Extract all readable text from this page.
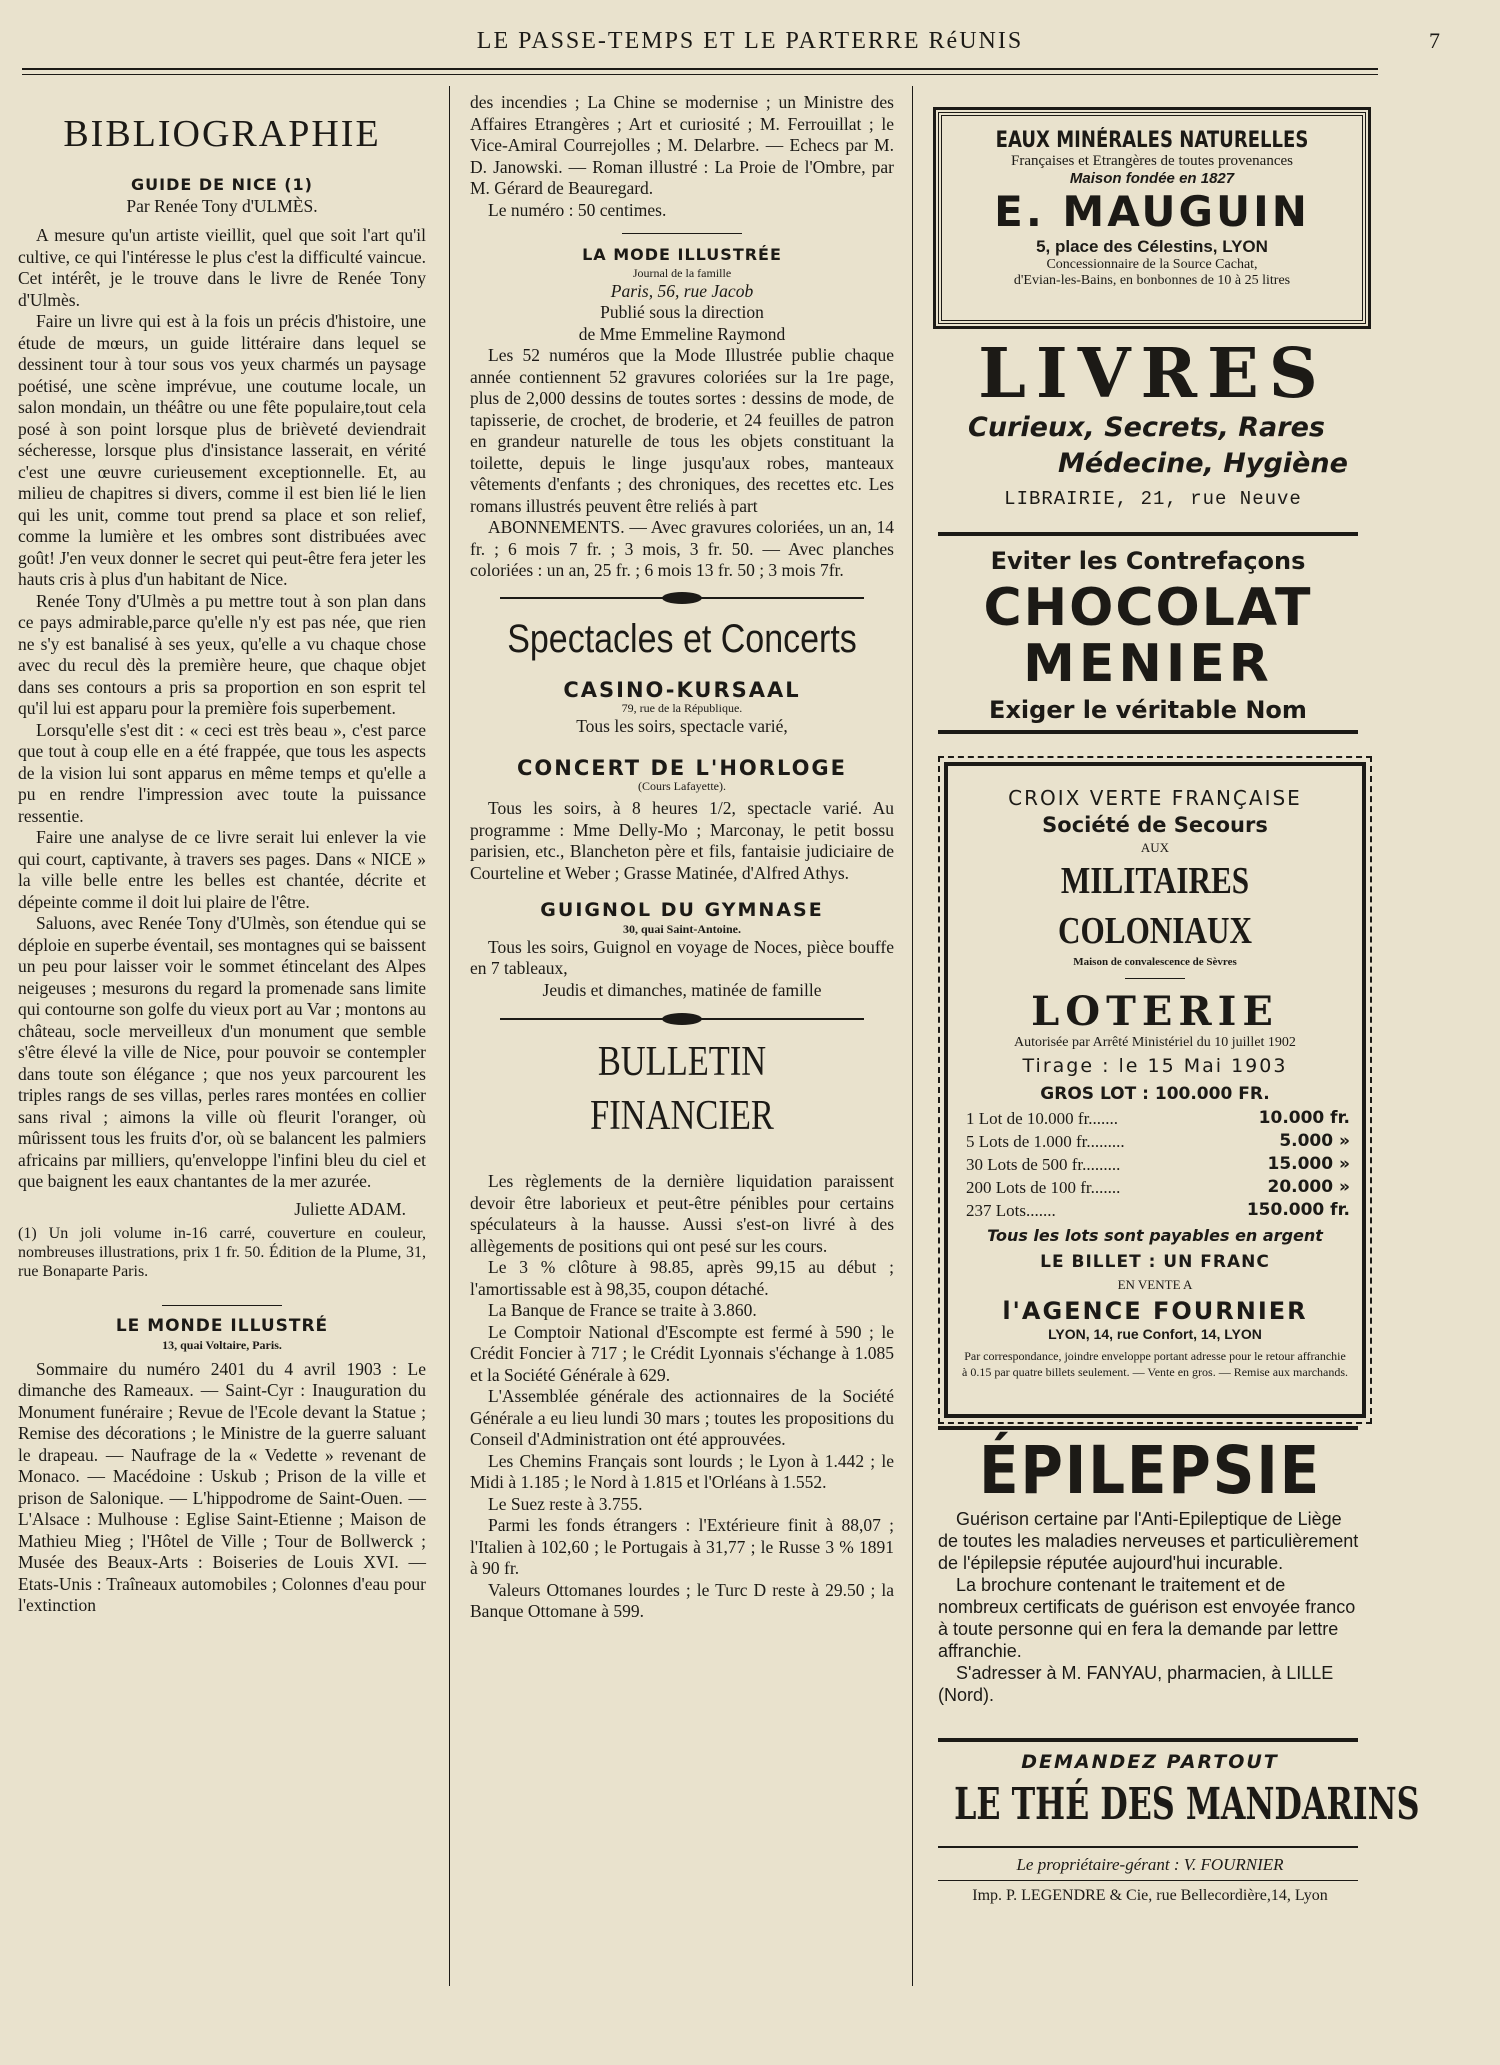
LE PASSE-TEMPS ET LE PARTERRE RéUNIS	7
BIBLIOGRAPHIE
GUIDE DE NICE (1)
Par Renée Tony d'ULMÈS.

A mesure qu'un artiste vieillit, quel que soit l'art qu'il cultive, ce qui l'intéresse le plus c'est la difficulté vaincue. Cet intérêt, je le trouve dans le livre de Renée Tony d'Ulmès.

Faire un livre qui est à la fois un précis d'histoire, une étude de mœurs, un guide littéraire dans lequel se dessinent tour à tour sous vos yeux charmés un paysage poétisé, une scène imprévue, une coutume locale, un salon mondain, un théâtre ou une fête populaire,tout cela posé à son point lorsque plus de brièveté deviendrait sécheresse, lorsque plus d'insistance lasserait, en vérité c'est une œuvre curieusement exceptionnelle. Et, au milieu de chapitres si divers, comme il est bien lié le lien qui les unit, comme tout prend sa place et son relief, comme la lumière et les ombres sont distribuées avec goût! J'en veux donner le secret qui peut-être fera jeter les hauts cris à plus d'un habitant de Nice.

Renée Tony d'Ulmès a pu mettre tout à son plan dans ce pays admirable,parce qu'elle n'y est pas née, que rien ne s'y est banalisé à ses yeux, qu'elle a vu chaque chose avec du recul dès la première heure, que chaque objet dans ses contours a pris sa proportion en son esprit tel qu'il lui est apparu pour la première fois superbement.

Lorsqu'elle s'est dit : « ceci est très beau », c'est parce que tout à coup elle en a été frappée, que tous les aspects de la vision lui sont apparus en même temps et qu'elle a pu en rendre l'impression avec toute la puissance ressentie.

Faire une analyse de ce livre serait lui enlever la vie qui court, captivante, à travers ses pages. Dans « NICE » la ville belle entre les belles est chantée, décrite et dépeinte comme il doit lui plaire de l'être.

Saluons, avec Renée Tony d'Ulmès, son étendue qui se déploie en superbe éventail, ses montagnes qui se baissent un peu pour laisser voir le sommet étincelant des Alpes neigeuses ; mesurons du regard la promenade sans limite qui contourne son golfe du vieux port au Var ; montons au château, socle merveilleux d'un monument que semble s'être élevé la ville de Nice, pour pouvoir se contempler dans toute son élégance ; que nos yeux parcourent les triples rangs de ses villas, perles rares montées en collier sans rival ; aimons la ville où fleurit l'oranger, où mûrissent tous les fruits d'or, où se balancent les palmiers africains par milliers, qu'enveloppe l'infini bleu du ciel et que baignent les eaux chantantes de la mer azurée.

Juliette ADAM.
(1) Un joli volume in-16 carré, couverture en couleur, nombreuses illustrations, prix 1 fr. 50. Édition de la Plume, 31, rue Bonaparte Paris.
LE MONDE ILLUSTRÉ
13, quai Voltaire, Paris.

Sommaire du numéro 2401 du 4 avril 1903 : Le dimanche des Rameaux. — Saint-Cyr : Inauguration du Monument funéraire ; Revue de l'Ecole devant la Statue ; Remise des décorations ; le Ministre de la guerre saluant le drapeau. — Naufrage de la « Vedette » revenant de Monaco. — Macédoine : Uskub ; Prison de la ville et prison de Salonique. — L'hippodrome de Saint-Ouen. — L'Alsace : Mulhouse : Eglise Saint-Etienne ; Maison de Mathieu Mieg ; l'Hôtel de Ville ; Tour de Bollwerck ; Musée des Beaux-Arts : Boiseries de Louis XVI. — Etats-Unis : Traîneaux automobiles ; Colonnes d'eau pour l'extinction

des incendies ; La Chine se modernise ; un Ministre des Affaires Etrangères ; Art et curiosité ; M. Ferrouillat ; le Vice-Amiral Courrejolles ; M. Delarbre. — Echecs par M. D. Janowski. — Roman illustré : La Proie de l'Ombre, par M. Gérard de Beauregard.

Le numéro : 50 centimes.

LA MODE ILLUSTRÉE
Journal de la famille
Paris, 56, rue Jacob
Publié sous la direction
de Mme Emmeline Raymond

Les 52 numéros que la Mode Illustrée publie chaque année contiennent 52 gravures coloriées sur la 1re page, plus de 2,000 dessins de toutes sortes : dessins de mode, de tapisserie, de crochet, de broderie, et 24 feuilles de patron en grandeur naturelle de tous les objets constituant la toilette, depuis le linge jusqu'aux robes, manteaux vêtements d'enfants ; des chroniques, des recettes etc. Les romans illustrés peuvent être reliés à part

ABONNEMENTS. — Avec gravures coloriées, un an, 14 fr. ; 6 mois 7 fr. ; 3 mois, 3 fr. 50. — Avec planches coloriées : un an, 25 fr. ; 6 mois 13 fr. 50 ; 3 mois 7fr.

Spectacles et Concerts
CASINO-KURSAAL
79, rue de la République.
Tous les soirs, spectacle varié,
CONCERT DE L'HORLOGE
(Cours Lafayette).

Tous les soirs, à 8 heures 1/2, spectacle varié. Au programme : Mme Delly-Mo ; Marconay, le petit bossu parisien, etc., Blancheton père et fils, fantaisie judiciaire de Courteline et Weber ; Grasse Matinée, d'Alfred Athys.

GUIGNOL DU GYMNASE
30, quai Saint-Antoine.

Tous les soirs, Guignol en voyage de Noces, pièce bouffe en 7 tableaux,

Jeudis et dimanches, matinée de famille
BULLETIN FINANCIER

Les règlements de la dernière liquidation paraissent devoir être laborieux et peut-être pénibles pour certains spéculateurs à la hausse. Aussi s'est-on livré à des allègements de positions qui ont pesé sur les cours.

Le 3 % clôture à 98.85, après 99,15 au début ; l'amortissable est à 98,35, coupon détaché.

La Banque de France se traite à 3.860.

Le Comptoir National d'Escompte est fermé à 590 ; le Crédit Foncier à 717 ; le Crédit Lyonnais s'échange à 1.085 et la Société Générale à 629.

L'Assemblée générale des actionnaires de la Société Générale a eu lieu lundi 30 mars ; toutes les propositions du Conseil d'Administration ont été approuvées.

Les Chemins Français sont lourds ; le Lyon à 1.442 ; le Midi à 1.185 ; le Nord à 1.815 et l'Orléans à 1.552.

Le Suez reste à 3.755.

Parmi les fonds étrangers : l'Extérieure finit à 88,07 ; l'Italien à 102,60 ; le Portugais à 31,77 ; le Russe 3 % 1891 à 90 fr.

Valeurs Ottomanes lourdes ; le Turc D reste à 29.50 ; la Banque Ottomane à 599.

EAUX MINÉRALES NATURELLES
Françaises et Etrangères de toutes provenances
Maison fondée en 1827
E. MAUGUIN
5, place des Célestins, LYON
Concessionnaire de la Source Cachat,
d'Evian-les-Bains, en bonbonnes de 10 à 25 litres
LIVRES
Curieux, Secrets, Rares
Médecine, Hygiène
LIBRAIRIE, 21, rue Neuve
Eviter les Contrefaçons
CHOCOLAT
MENIER
Exiger le véritable Nom
CROIX VERTE FRANÇAISE
Société de Secours
AUX
MILITAIRES COLONIAUX
Maison de convalescence de Sèvres
LOTERIE
Autorisée par Arrêté Ministériel du 10 juillet 1902
Tirage : le 15 Mai 1903
GROS LOT : 100.000 FR.
1 Lot de 10.000 fr.......	10.000 fr.
5 Lots de 1.000 fr.........	5.000 »
30 Lots de 500 fr.........	15.000 »
200 Lots de 100 fr.......	20.000 »
237 Lots.......	150.000 fr.
Tous les lots sont payables en argent
LE BILLET : UN FRANC
EN VENTE A
l'AGENCE FOURNIER
LYON, 14, rue Confort, 14, LYON
Par correspondance, joindre enveloppe portant adresse pour le retour affranchie à 0.15 par quatre billets seulement. — Vente en gros. — Remise aux marchands.
ÉPILEPSIE

Guérison certaine par l'Anti-Epileptique de Liège de toutes les maladies nerveuses et particulièrement de l'épilepsie réputée aujourd'hui incurable.

La brochure contenant le traitement et de nombreux certificats de guérison est envoyée franco à toute personne qui en fera la demande par lettre affranchie.

S'adresser à M. FANYAU, pharmacien, à LILLE (Nord).

DEMANDEZ PARTOUT
LE THÉ DES MANDARINS
Le propriétaire-gérant : V. FOURNIER
Imp. P. LEGENDRE & Cie, rue Bellecordière,14, Lyon
